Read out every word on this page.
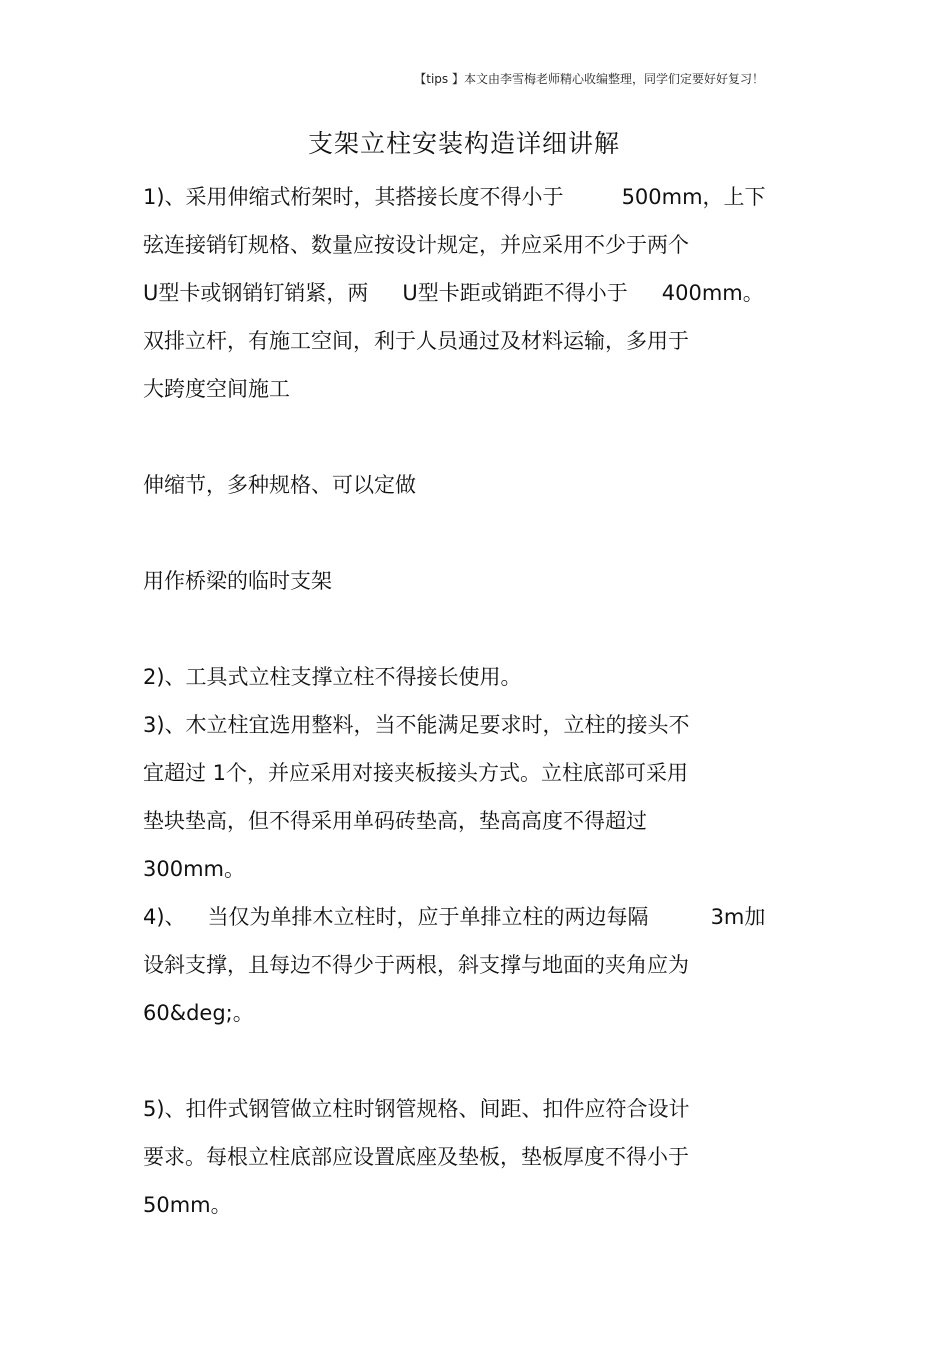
【tips 】本文由李雪梅老师精心收编整理，同学们定要好好复习！
支架立柱安装构造详细讲解
1)、采用伸缩式桁架时，其搭接长度不得小于	500mm，上下
弦连接销钉规格、数量应按设计规定，并应采用不少于两个
U型卡或钢销钉销紧，两 U型卡距或销距不得小于 400mm。
双排立杆，有施工空间，利于人员通过及材料运输，多用于
大跨度空间施工
伸缩节，多种规格、可以定做
用作桥梁的临时支架
2)、工具式立柱支撑立柱不得接长使用。
3)、木立柱宜选用整料，当不能满足要求时，立柱的接头不
宜超过 1个，并应采用对接夹板接头方式。立柱底部可采用
垫块垫高，但不得采用单码砖垫高，垫高高度不得超过
300mm。
4)、 当仅为单排木立柱时，应于单排立柱的两边每隔	3m加
设斜支撑，且每边不得少于两根，斜支撑与地面的夹角应为
60&deg;。
5)、扣件式钢管做立柱时钢管规格、间距、扣件应符合设计
要求。每根立柱底部应设置底座及垫板，垫板厚度不得小于
50mm。
